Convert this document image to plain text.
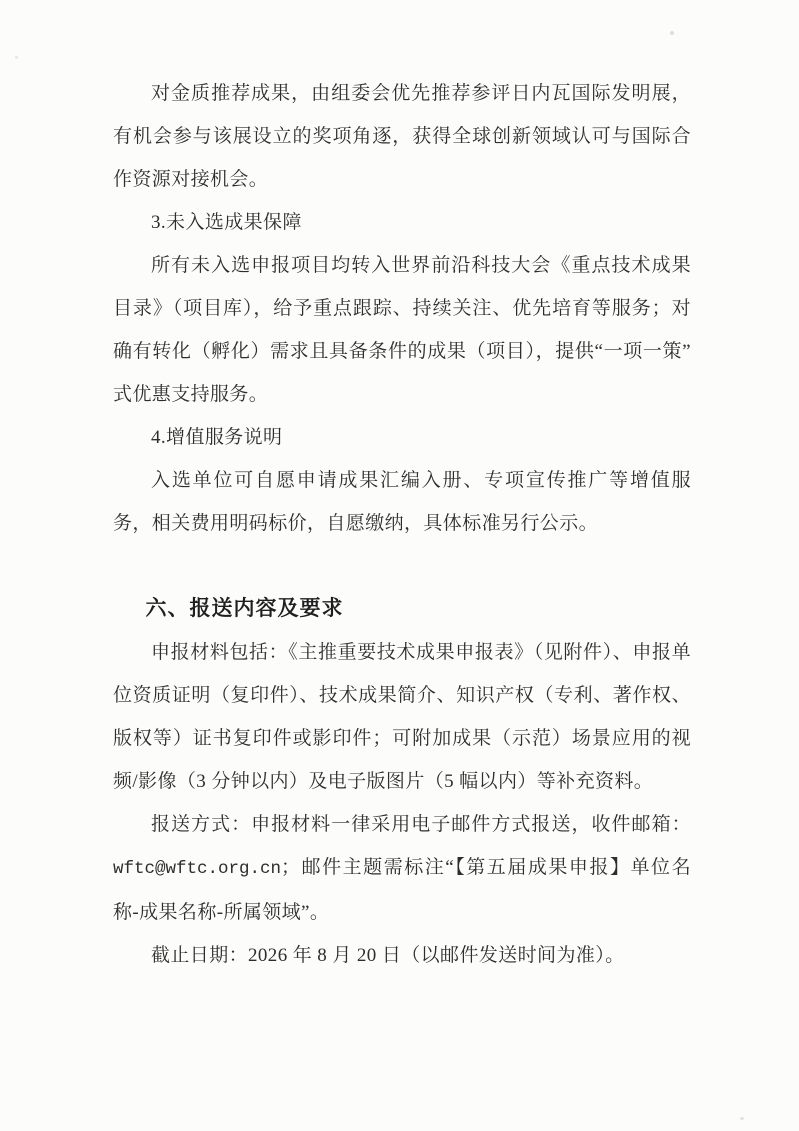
对金质推荐成果，由组委会优先推荐参评日内瓦国际发明展，有机会参与该展设立的奖项角逐，获得全球创新领域认可与国际合作资源对接机会。

3.未入选成果保障

所有未入选申报项目均转入世界前沿科技大会《重点技术成果目录》（项目库），给予重点跟踪、持续关注、优先培育等服务；对确有转化（孵化）需求且具备条件的成果（项目），提供“一项一策”式优惠支持服务。

4.增值服务说明

入选单位可自愿申请成果汇编入册、专项宣传推广等增值服务，相关费用明码标价，自愿缴纳，具体标准另行公示。

六、报送内容及要求

申报材料包括：《主推重要技术成果申报表》（见附件）、申报单位资质证明（复印件）、技术成果简介、知识产权（专利、著作权、版权等）证书复印件或影印件；可附加成果（示范）场景应用的视频/影像（3 分钟以内）及电子版图片（5 幅以内）等补充资料。

报送方式：申报材料一律采用电子邮件方式报送，收件邮箱：wftc@wftc.org.cn；邮件主题需标注“【第五届成果申报】单位名称-成果名称-所属领域”。

截止日期：2026 年 8 月 20 日（以邮件发送时间为准）。
